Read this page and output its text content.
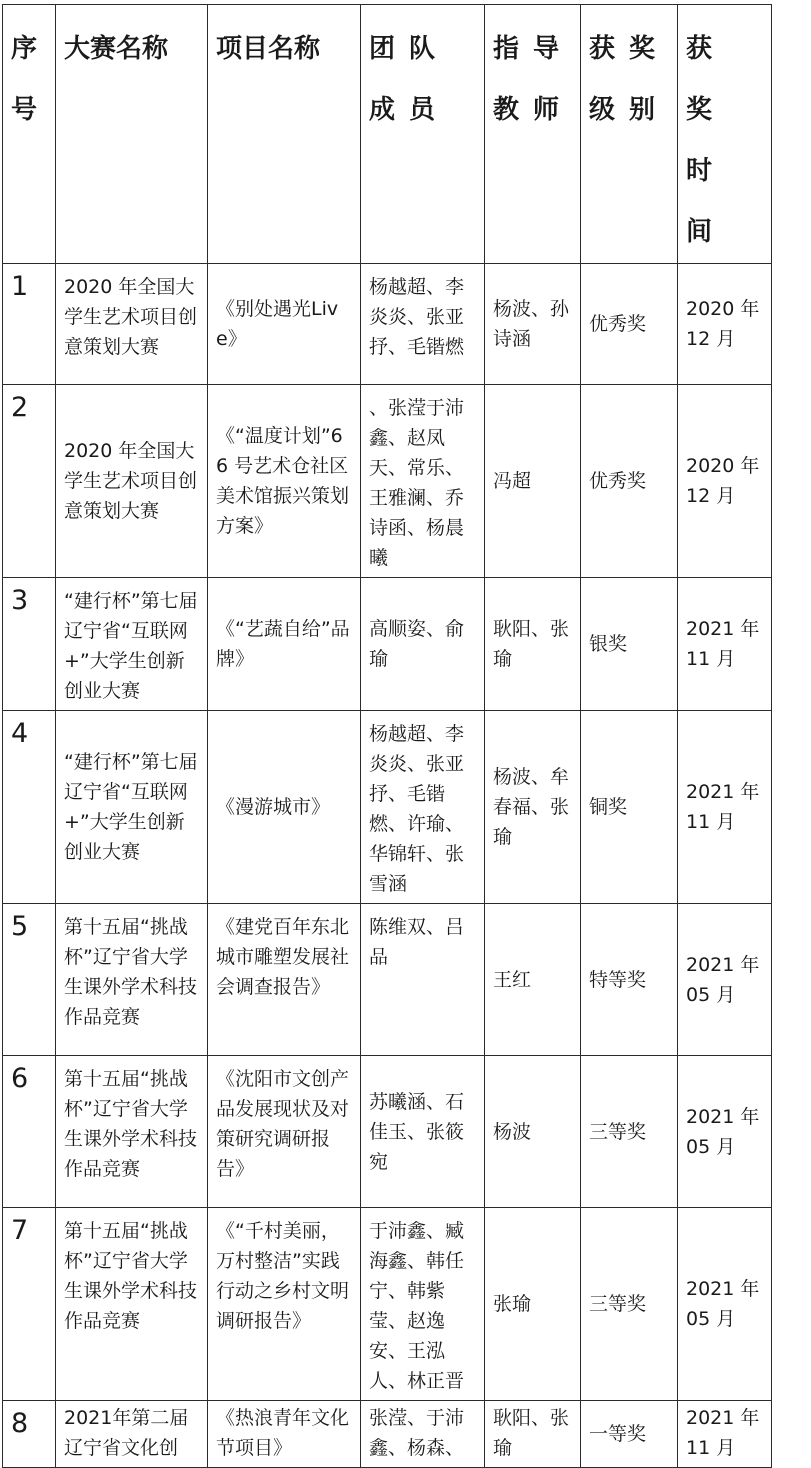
序号	大赛名称	项目名称	团队成员	指导教师	获奖级别	获奖时间

1	2020 年全国大学生艺术项目创意策划大赛	《别处遇光Live》	杨越超、李炎炎、张亚抒、毛锴燃	杨波、孙诗涵	优秀奖	2020 年 12 月

2	2020 年全国大学生艺术项目创意策划大赛	《“温度计划”66 号艺术仓社区美术馆振兴策划方案》	、张滢于沛鑫、赵凤天、常乐、王雅澜、乔诗函、杨晨曦	冯超	优秀奖	2020 年 12 月

3	“建行杯”第七届辽宁省“互联网+”大学生创新创业大赛	《“艺蔬自给”品牌》	高顺姿、俞瑜	耿阳、张瑜	银奖	2021 年 11 月

4	“建行杯”第七届辽宁省“互联网+”大学生创新创业大赛	《漫游城市》	杨越超、李炎炎、张亚抒、毛锴燃、许瑜、华锦轩、张雪涵	杨波、牟春福、张瑜	铜奖	2021 年 11 月

5	第十五届“挑战杯”辽宁省大学生课外学术科技作品竞赛	《建党百年东北城市雕塑发展社会调查报告》	陈维双、吕品	王红	特等奖	2021 年 05 月

6	第十五届“挑战杯”辽宁省大学生课外学术科技作品竞赛	《沈阳市文创产品发展现状及对策研究调研报告》	苏曦涵、石佳玉、张筱宛	杨波	三等奖	2021 年 05 月

7	第十五届“挑战杯”辽宁省大学生课外学术科技作品竞赛	《“千村美丽，万村整洁”实践行动之乡村文明调研报告》	于沛鑫、臧海鑫、韩任宁、韩紫莹、赵逸安、王泓人、林正晋	张瑜	三等奖	2021 年 05 月

8	2021年第二届辽宁省文化创	《热浪青年文化节项目》	张滢、于沛鑫、杨森、	耿阳、张瑜	一等奖	2021 年 11 月
